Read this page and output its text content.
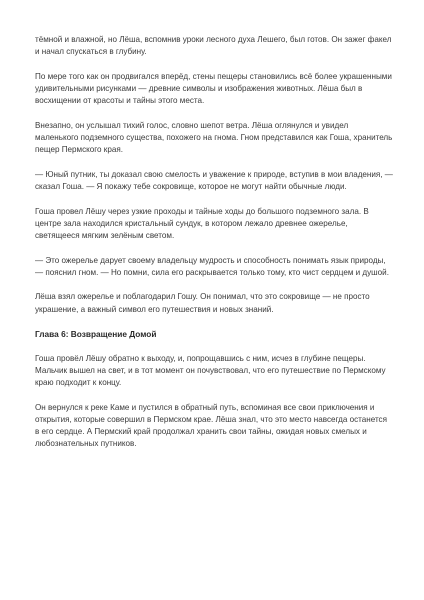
тёмной и влажной, но Лёша, вспомнив уроки лесного духа Лешего, был готов. Он зажег факел и начал спускаться в глубину.

По мере того как он продвигался вперёд, стены пещеры становились всё более украшенными удивительными рисунками — древние символы и изображения животных. Лёша был в восхищении от красоты и тайны этого места.

Внезапно, он услышал тихий голос, словно шепот ветра. Лёша оглянулся и увидел маленького подземного существа, похожего на гнома. Гном представился как Гоша, хранитель пещер Пермского края.

— Юный путник, ты доказал свою смелость и уважение к природе, вступив в мои владения, — сказал Гоша. — Я покажу тебе сокровище, которое не могут найти обычные люди.

Гоша провел Лёшу через узкие проходы и тайные ходы до большого подземного зала. В центре зала находился кристальный сундук, в котором лежало древнее ожерелье, светящееся мягким зелёным светом.

— Это ожерелье дарует своему владельцу мудрость и способность понимать язык природы, — пояснил гном. — Но помни, сила его раскрывается только тому, кто чист сердцем и душой.

Лёша взял ожерелье и поблагодарил Гошу. Он понимал, что это сокровище — не просто украшение, а важный символ его путешествия и новых знаний.

Глава 6: Возвращение Домой

Гоша провёл Лёшу обратно к выходу, и, попрощавшись с ним, исчез в глубине пещеры. Мальчик вышел на свет, и в тот момент он почувствовал, что его путешествие по Пермскому краю подходит к концу.

Он вернулся к реке Каме и пустился в обратный путь, вспоминая все свои приключения и открытия, которые совершил в Пермском крае. Лёша знал, что это место навсегда останется в его сердце. А Пермский край продолжал хранить свои тайны, ожидая новых смелых и любознательных путников.
